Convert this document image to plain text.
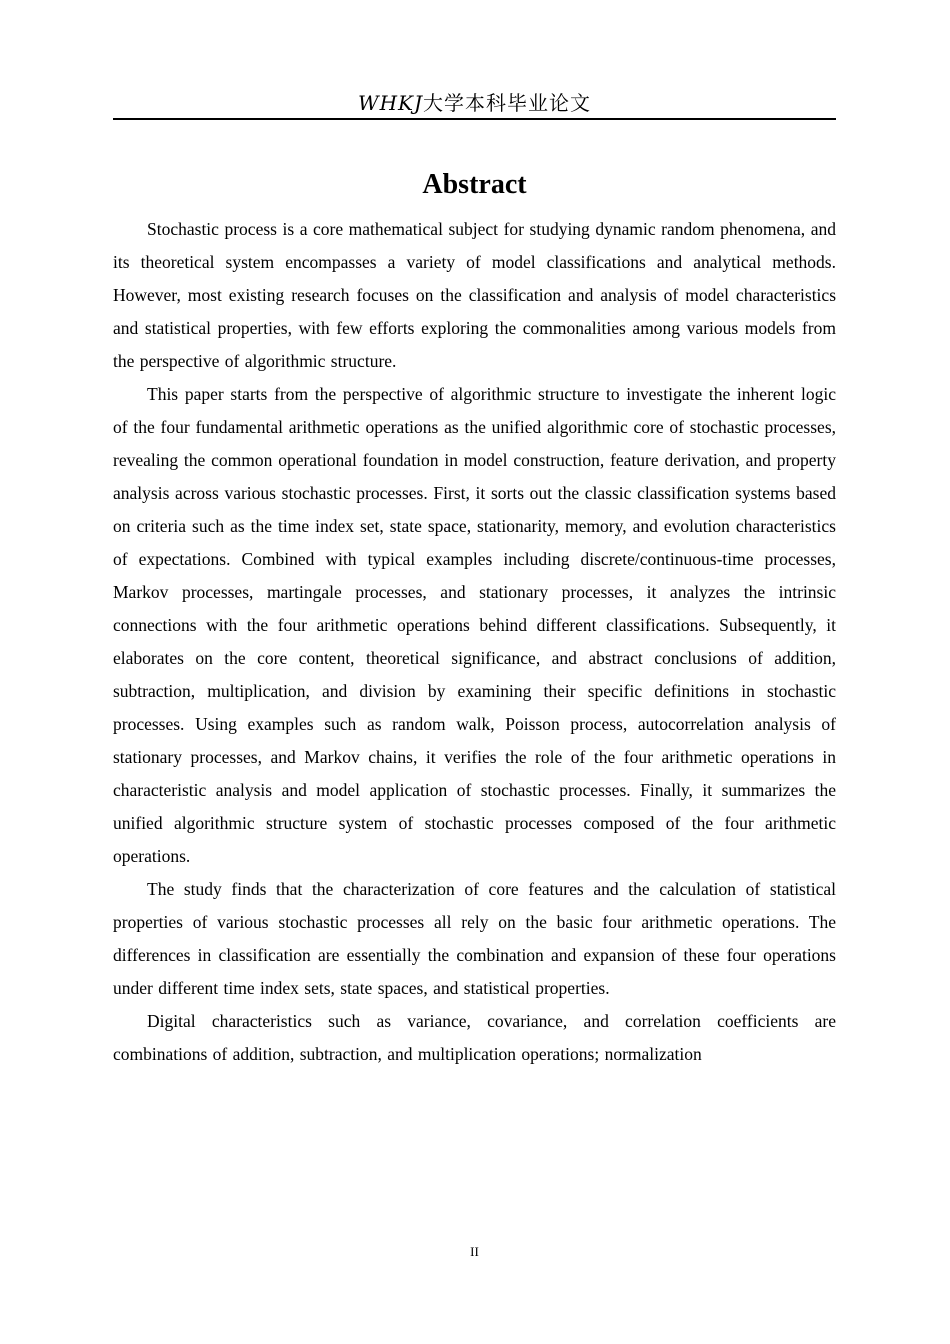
WHKJ大学本科毕业论文
Abstract

Stochastic process is a core mathematical subject for studying dynamic random phenomena, and its theoretical system encompasses a variety of model classifications and analytical methods. However, most existing research focuses on the classification and analysis of model characteristics and statistical properties, with few efforts exploring the commonalities among various models from the perspective of algorithmic structure.

This paper starts from the perspective of algorithmic structure to investigate the inherent logic of the four fundamental arithmetic operations as the unified algorithmic core of stochastic processes, revealing the common operational foundation in model construction, feature derivation, and property analysis across various stochastic processes. First, it sorts out the classic classification systems based on criteria such as the time index set, state space, stationarity, memory, and evolution characteristics of expectations. Combined with typical examples including discrete/continuous-time processes, Markov processes, martingale processes, and stationary processes, it analyzes the intrinsic connections with the four arithmetic operations behind different classifications. Subsequently, it elaborates on the core content, theoretical significance, and abstract conclusions of addition, subtraction, multiplication, and division by examining their specific definitions in stochastic processes. Using examples such as random walk, Poisson process, autocorrelation analysis of stationary processes, and Markov chains, it verifies the role of the four arithmetic operations in characteristic analysis and model application of stochastic processes. Finally, it summarizes the unified algorithmic structure system of stochastic processes composed of the four arithmetic operations.

The study finds that the characterization of core features and the calculation of statistical properties of various stochastic processes all rely on the basic four arithmetic operations. The differences in classification are essentially the combination and expansion of these four operations under different time index sets, state spaces, and statistical properties.

Digital characteristics such as variance, covariance, and correlation coefficients are combinations of addition, subtraction, and multiplication operations; normalization

II
